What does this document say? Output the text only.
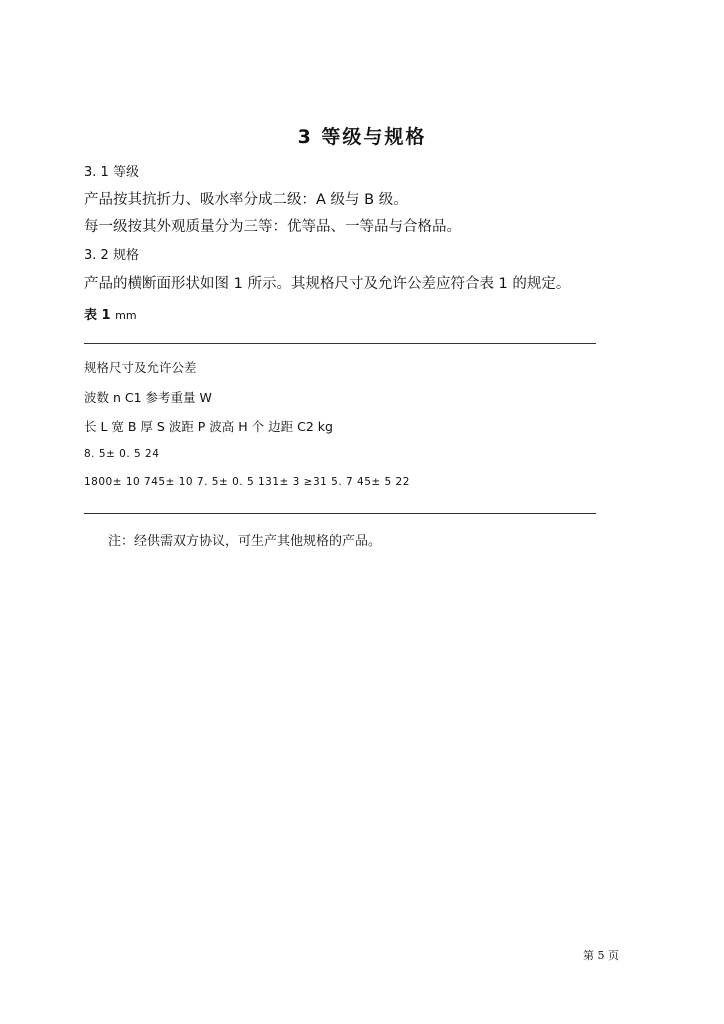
3 等级与规格
3. 1 等级
产品按其抗折力、吸水率分成二级：A 级与 B 级。
每一级按其外观质量分为三等：优等品、一等品与合格品。
3. 2 规格
产品的横断面形状如图 1 所示。其规格尺寸及允许公差应符合表 1 的规定。
表 1 mm
规格尺寸及允许公差
波数 n C1 参考重量 W
长 L 宽 B 厚 S 波距 P 波高 H 个 边距 C2 kg
8. 5± 0. 5 24
1800± 10 745± 10 7. 5± 0. 5 131± 3 ≥31 5. 7 45± 5 22
注：经供需双方协议，可生产其他规格的产品。
第 5 页
